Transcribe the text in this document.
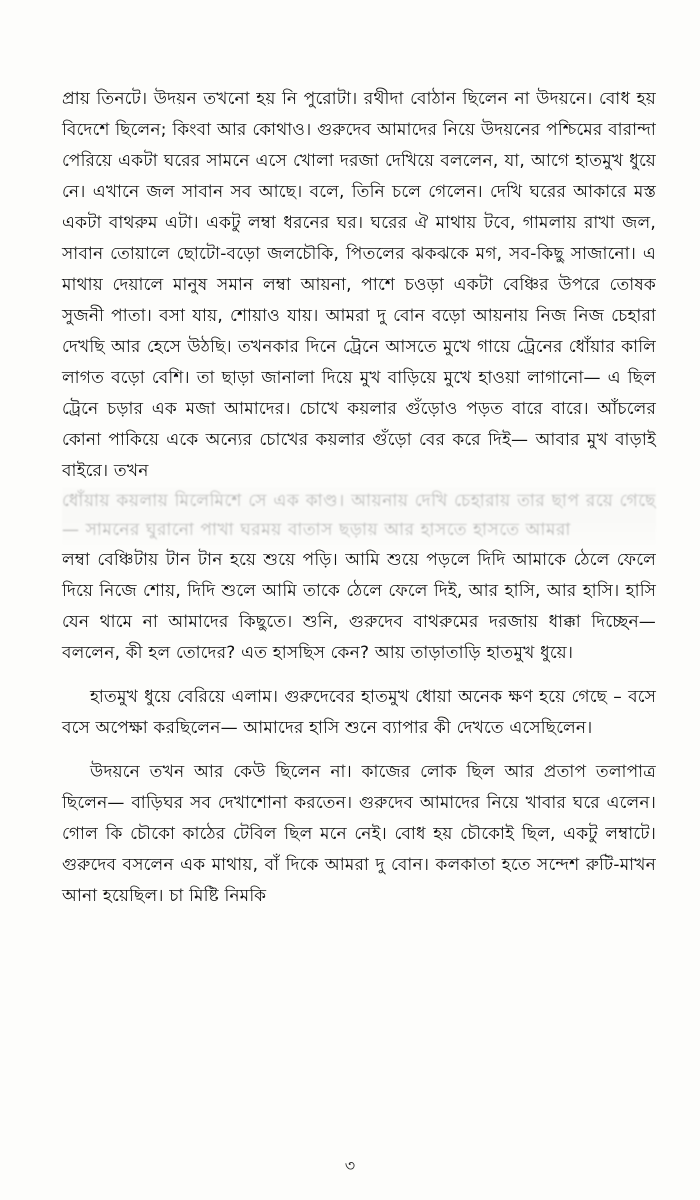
প্রায় তিনটে। উদয়ন তখনো হয় নি পুরোটা। রথীদা বোঠান ছিলেন না উদয়নে। বোধ হয় বিদেশে ছিলেন; কিংবা আর কোথাও। গুরুদেব আমাদের নিয়ে উদয়নের পশ্চিমের বারান্দা পেরিয়ে একটা ঘরের সামনে এসে খোলা দরজা দেখিয়ে বললেন, যা, আগে হাতমুখ ধুয়ে নে। এখানে জল সাবান সব আছে। বলে, তিনি চলে গেলেন। দেখি ঘরের আকারে মস্ত একটা বাথরুম এটা। একটু লম্বা ধরনের ঘর। ঘরের ঐ মাথায় টবে, গামলায় রাখা জল, সাবান তোয়ালে ছোটো-বড়ো জলচৌকি, পিতলের ঝকঝকে মগ, সব-কিছু সাজানো। এ মাথায় দেয়ালে মানুষ সমান লম্বা আয়না, পাশে চওড়া একটা বেঞ্চির উপরে তোষক সুজনী পাতা। বসা যায়, শোয়াও যায়। আমরা দু বোন বড়ো আয়নায় নিজ নিজ চেহারা দেখছি আর হেসে উঠছি। তখনকার দিনে ট্রেনে আসতে মুখে গায়ে ট্রেনের ধোঁয়ার কালি লাগত বড়ো বেশি। তা ছাড়া জানালা দিয়ে মুখ বাড়িয়ে মুখে হাওয়া লাগানো— এ ছিল ট্রেনে চড়ার এক মজা আমাদের। চোখে কয়লার গুঁড়োও পড়ত বারে বারে। আঁচলের কোনা পাকিয়ে একে অন্যের চোখের কয়লার গুঁড়ো বের করে দিই— আবার মুখ বাড়াই বাইরে। তখন
ধোঁয়ায় কয়লায় মিলেমিশে সে এক কাণ্ড। আয়নায় দেখি চেহারায় তার ছাপ রয়ে গেছে — সামনের ঘুরানো পাখা ঘরময় বাতাস ছড়ায় আর হাসতে হাসতে আমরা
লম্বা বেঞ্চিটায় টান টান হয়ে শুয়ে পড়ি। আমি শুয়ে পড়লে দিদি আমাকে ঠেলে ফেলে দিয়ে নিজে শোয়, দিদি শুলে আমি তাকে ঠেলে ফেলে দিই, আর হাসি, আর হাসি। হাসি যেন থামে না আমাদের কিছুতে। শুনি, গুরুদেব বাথরুমের দরজায় ধাক্কা দিচ্ছেন— বললেন, কী হল তোদের? এত হাসছিস কেন? আয় তাড়াতাড়ি হাতমুখ ধুয়ে।

হাতমুখ ধুয়ে বেরিয়ে এলাম। গুরুদেবের হাতমুখ ধোয়া অনেক ক্ষণ হয়ে গেছে – বসে বসে অপেক্ষা করছিলেন— আমাদের হাসি শুনে ব্যাপার কী দেখতে এসেছিলেন।

উদয়নে তখন আর কেউ ছিলেন না। কাজের লোক ছিল আর প্রতাপ তলাপাত্র ছিলেন— বাড়িঘর সব দেখাশোনা করতেন। গুরুদেব আমাদের নিয়ে খাবার ঘরে এলেন। গোল কি চৌকো কাঠের টেবিল ছিল মনে নেই। বোধ হয় চৌকোই ছিল, একটু লম্বাটে। গুরুদেব বসলেন এক মাথায়, বাঁ দিকে আমরা দু বোন। কলকাতা হতে সন্দেশ রুটি-মাখন আনা হয়েছিল। চা মিষ্টি নিমকি

৩
